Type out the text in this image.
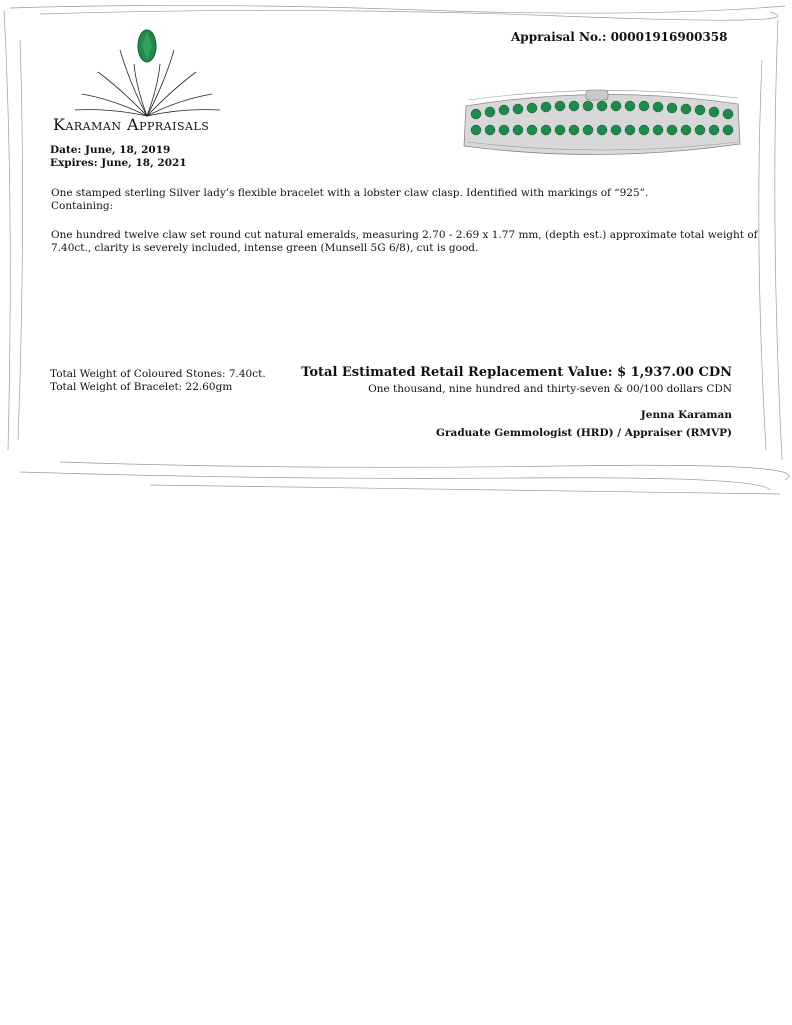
Appraisal No.: 00001916900358
Karaman Appraisals
Date: June, 18, 2019
Expires: June, 18, 2021
One stamped sterling Silver lady’s flexible bracelet with a lobster claw clasp. Identified with markings of “925”.
Containing:
One hundred twelve claw set round cut natural emeralds, measuring 2.70 - 2.69 x 1.77 mm, (depth est.) approximate total weight of
7.40ct., clarity is severely included, intense green (Munsell 5G 6/8), cut is good.
Total Weight of Coloured Stones: 7.40ct.
Total Weight of Bracelet: 22.60gm
Total Estimated Retail Replacement Value: $ 1,937.00 CDN
One thousand, nine hundred and thirty-seven & 00/100 dollars CDN
Jenna Karaman
Graduate Gemmologist (HRD) / Appraiser (RMVP)
